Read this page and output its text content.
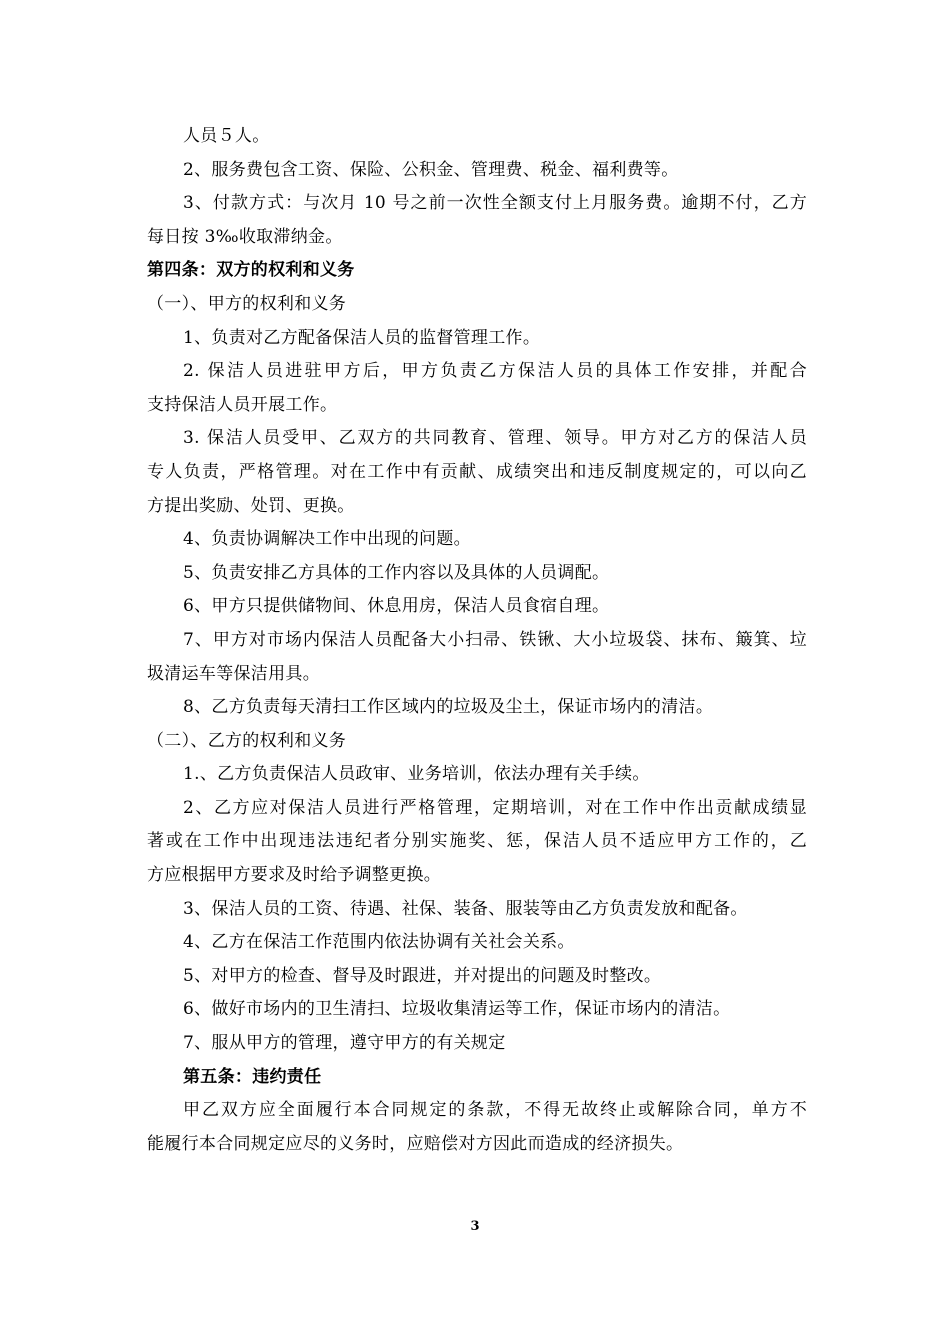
人员５人。
2、服务费包含工资、保险、公积金、管理费、税金、福利费等。
3、付款方式：与次月 10 号之前一次性全额支付上月服务费。逾期不付，乙方
每日按 3‰收取滞纳金。
第四条：双方的权利和义务
（一）、甲方的权利和义务
1、负责对乙方配备保洁人员的监督管理工作。
2. 保洁人员进驻甲方后，甲方负责乙方保洁人员的具体工作安排，并配合
支持保洁人员开展工作。
3. 保洁人员受甲、乙双方的共同教育、管理、领导。甲方对乙方的保洁人员
专人负责，严格管理。对在工作中有贡献、成绩突出和违反制度规定的，可以向乙
方提出奖励、处罚、更换。
4、负责协调解决工作中出现的问题。
5、负责安排乙方具体的工作内容以及具体的人员调配。
6、甲方只提供储物间、休息用房，保洁人员食宿自理。
7、甲方对市场内保洁人员配备大小扫帚、铁锹、大小垃圾袋、抹布、簸箕、垃
圾清运车等保洁用具。
8、乙方负责每天清扫工作区域内的垃圾及尘土，保证市场内的清洁。
（二）、乙方的权利和义务
1.、乙方负责保洁人员政审、业务培训，依法办理有关手续。
2、乙方应对保洁人员进行严格管理，定期培训，对在工作中作出贡献成绩显
著或在工作中出现违法违纪者分别实施奖、惩，保洁人员不适应甲方工作的，乙
方应根据甲方要求及时给予调整更换。
3、保洁人员的工资、待遇、社保、装备、服装等由乙方负责发放和配备。
4、乙方在保洁工作范围内依法协调有关社会关系。
5、对甲方的检查、督导及时跟进，并对提出的问题及时整改。
6、做好市场内的卫生清扫、垃圾收集清运等工作，保证市场内的清洁。
7、服从甲方的管理，遵守甲方的有关规定
第五条：违约责任
甲乙双方应全面履行本合同规定的条款，不得无故终止或解除合同，单方不
能履行本合同规定应尽的义务时，应赔偿对方因此而造成的经济损失。
3
